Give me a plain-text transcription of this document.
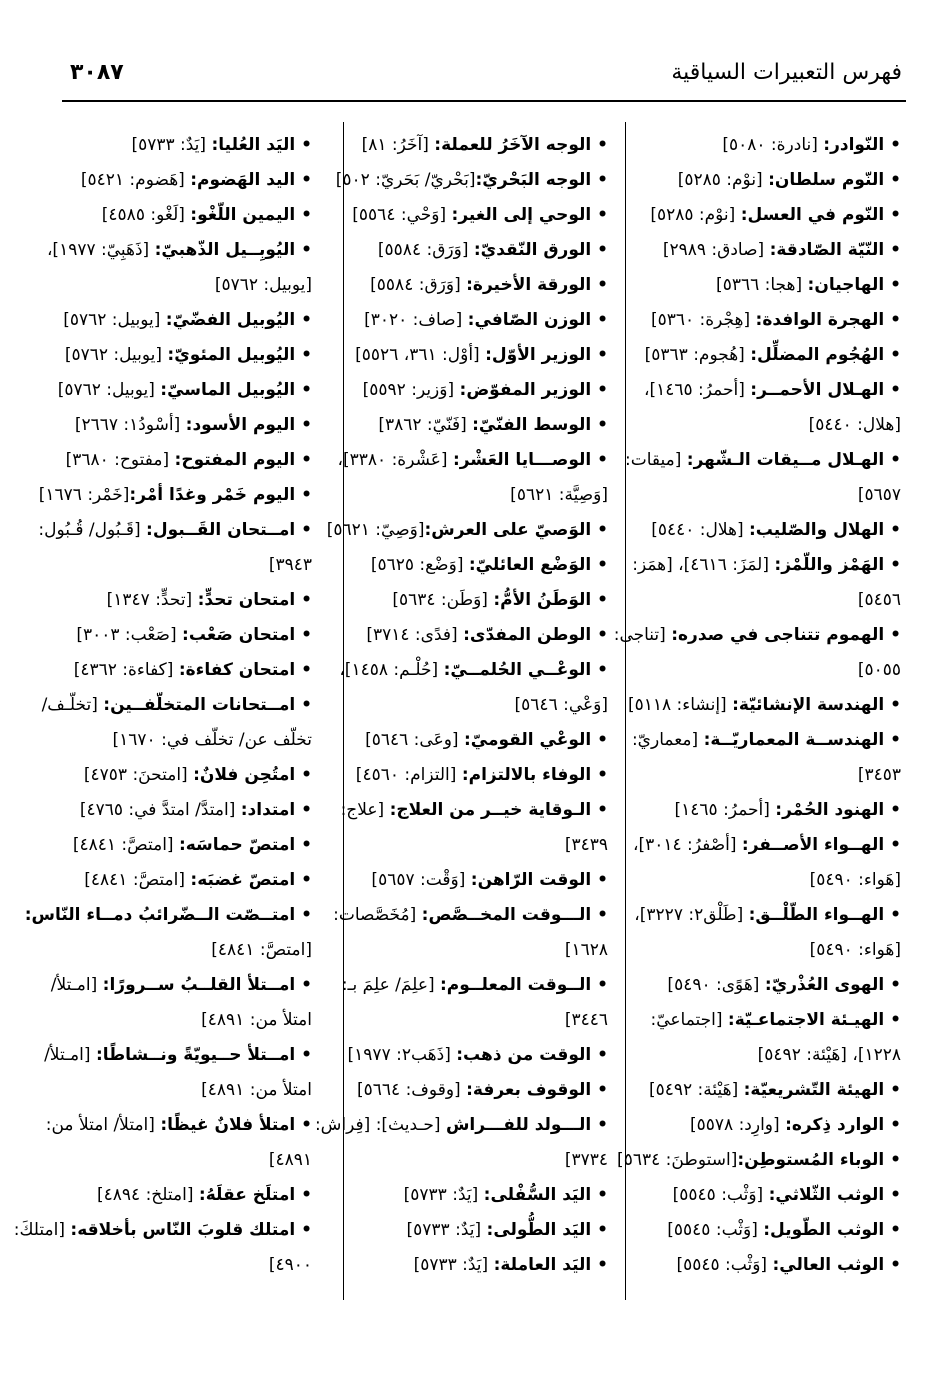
فهرس التعبيرات السياقية
٣٠٨٧
• النّوادر: [نادرة: ٥٠٨٠]
• النّوم سلطان: [نوْم: ٥٢٨٥]
• النّوم في العسل: [نوْم: ٥٢٨٥]
• النّيّة الصّادقة: [صادق: ٢٩٨٩]
• الهاجيان: [هجا: ٥٣٦٦]
• الهجرة الوافدة: [هِجْرة: ٥٣٦٠]
• الهُجُوم المضلِّل: [هُجوم: ٥٣٦٣]
• الهـلال الأحمــر: [أحمرُ: ١٤٦٥]،
[هلال: ٥٤٤٠]
• الهـلال مــيقات الـشّهر: [ميقات:
٥٦٥٧]
• الهلال والصّليب: [هلال: ٥٤٤٠]
• الهَمْز واللّمْز: [لمَزَ: ٤٦١٦]، [همَز:
٥٤٥٦]
• الهموم تتناجى في صدره: [تناجى:
٥٠٥٥]
• الهندسة الإنشائيّة: [إنشاء: ٥١١٨]
• الهندســة المعماريّــة: [معماريّ:
٣٤٥٣]
• الهنود الحُمْر: [أحمرُ: ١٤٦٥]
• الهــواء الأصــفر: [أصْفرُ: ٣٠١٤]،
[هَواء: ٥٤٩٠]
• الهــواء الطّلْــق: [طَلْق٢: ٣٢٢٧]،
[هَواء: ٥٤٩٠]
• الهوى العُذْريّ: [هَوًى: ٥٤٩٠]
• الهيـئة الاجتماعـيّة: [اجتماعيّ:
١٢٢٨]، [هَيْئة: ٥٤٩٢]
• الهيئة التّشريعيّة: [هَيْئة: ٥٤٩٢]
• الوارد ذِكره: [وارِد: ٥٥٧٨]
• الوباء المُستوطِن:[استوطنَ: ٥٦٣٤]
• الوثب الثّلاثي: [وَثْب: ٥٥٤٥]
• الوثب الطّويل: [وَثْب: ٥٥٤٥]
• الوثب العالي: [وَثْب: ٥٥٤٥]
• الوجه الآخَرُ للعملة: [آخَرُ: ٨١]
• الوجه البَحْريّ:[بَحْريّ/ بَحَريّ: ٥٠٢]
• الوحي إلى الغير: [وَحْي: ٥٥٦٤]
• الورق النّقديّ: [وَرَق: ٥٥٨٤]
• الورقة الأخيرة: [وَرَق: ٥٥٨٤]
• الوزن الصّافي: [صاف: ٣٠٢٠]
• الوزير الأوّل: [أوْل: ٣٦١، ٥٥٢٦]
• الوزير المفوّض: [وَزير: ٥٥٩٢]
• الوسط الفنّيّ: [فَنّيّ: ٣٨٦٢]
• الوصـــايا العَشْر: [عَشْرة: ٣٣٨٠]،
[وَصِيَّة: ٥٦٢١]
• الوَصيّ على العرش:[وَصِيّ: ٥٦٢١]
• الوَضْع العائليّ: [وَضْع: ٥٦٢٥]
• الوَطَنُ الأمُّ: [وَطَن: ٥٦٣٤]
• الوطن المفدّى: [فدًى: ٣٧١٤]
• الوعْــي الحُلمــيّ: [حُلْـم: ١٤٥٨]،
[وَعْي: ٥٦٤٦]
• الوعْي القوميّ: [وعَى: ٥٦٤٦]
• الوفاء بالالتزام: [التزام: ٤٥٦٠]
• الـوقاية خيــر من العلاج: [علاج:
٣٤٣٩]
• الوقت الرّاهن: [وَقْت: ٥٦٥٧]
• الـــوقت المخــصَّص: [مُخَصَّصات:
١٦٢٨]
• الــوقت المعلــوم: [علِمَ/ علِمَ بـ:
٣٤٤٦]
• الوقت من ذهب: [ذَهَب٢: ١٩٧٧]
• الوقوف بعرفة: [وقوف: ٥٦٦٤]
• الـــولد للفـــراش [حـديث]: [فِراش:
٣٧٣٤]
• اليَد السُّفْلى: [يَدٌ: ٥٧٣٣]
• اليَد الطُّولى: [يَدٌ: ٥٧٣٣]
• اليَد العاملة: [يَدٌ: ٥٧٣٣]
• اليَد العُليا: [يَدٌ: ٥٧٣٣]
• اليد الهَضوم: [هَضوم: ٥٤٢١]
• اليمين اللّغْو: [لَغْو: ٤٥٨٥]
• اليُوبِــيل الذّهبيّ: [ذَهَبِيّ: ١٩٧٧]،
[يوبيل: ٥٧٦٢]
• اليُوبيل الفضّيّ: [يوبيل: ٥٧٦٢]
• اليُوبيل المئويّ: [يوبيل: ٥٧٦٢]
• اليُوبيل الماسيّ: [يوبيل: ٥٧٦٢]
• اليوم الأسود: [أسْودُ١: ٢٦٦٧]
• اليوم المفتوح: [مفتوح: ٣٦٨٠]
• اليوم خَمْر وغدًا أمْر:[خَمْر: ١٦٧٦]
• امــتحان القَــبول: [قَـبُول/ قُـبُول:
٣٩٤٣]
• امتحان تحدٍّ: [تحدٍّ: ١٣٤٧]
• امتحان صَعْب: [صَعْب: ٣٠٠٣]
• امتحان كفاءة: [كفاءة: ٤٣٦٢]
• امــتحانات المتخلّفــين: [تخلّـف/
تخلّف عن/ تخلّف في: ١٦٧٠]
• امتُحِن فلانٌ: [امتحنَ: ٤٧٥٣]
• امتداد: [امتدَّ/ امتدَّ في: ٤٧٦٥]
• امتصّ حماسَه: [امتصَّ: ٤٨٤١]
• امتصّ غضبَه: [امتصَّ: ٤٨٤١]
• امتــصّت الــضّرائبُ دمــاء النّاس:
[امتصَّ: ٤٨٤١]
• امــتلأ القلــبُ ســرورًا: [امـتلأ/
امتلأ من: ٤٨٩١]
• امــتلأ حــيويّةً ونــشاطًا: [امـتلأ/
امتلأ من: ٤٨٩١]
• امتلأ فلانٌ غيظًا: [امتلأ/ امتلأ من:
٤٨٩١]
• امتلَخ عقلَهُ: [امتلخ: ٤٨٩٤]
• امتلك قلوبَ النّاس بأخلاقه: [امتلكَ:
٤٩٠٠]
